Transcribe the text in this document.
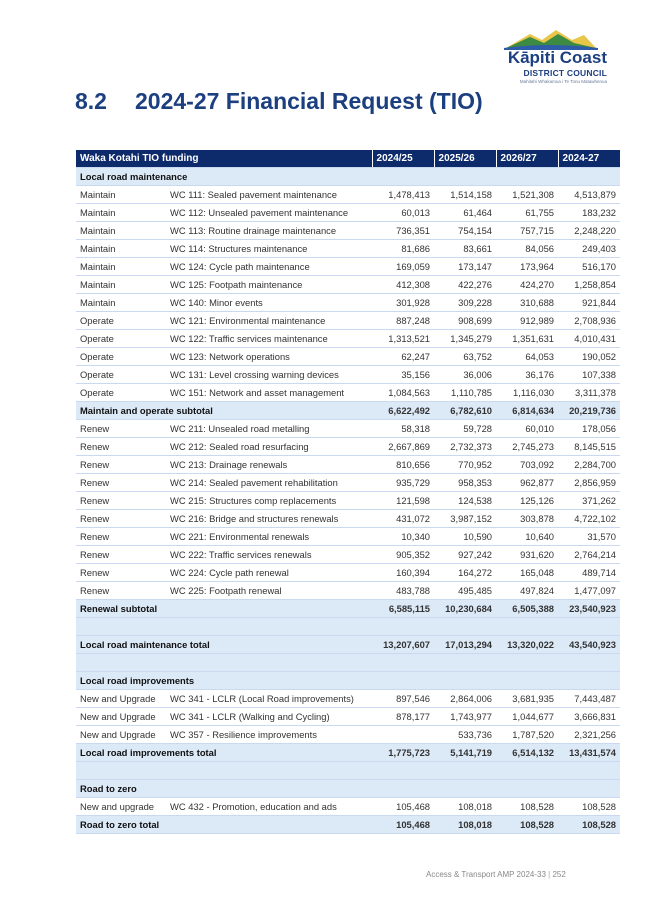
Kāpiti Coast
DISTRICT COUNCIL
Mahitahi Whakamua i Te Tonu Matawhenua
8.2 2024-27 Financial Request (TIO)
Waka Kotahi TIO funding		2024/25	2025/26	2026/27	2024-27
Local road maintenance					
Maintain	WC 111: Sealed pavement maintenance	1,478,413	1,514,158	1,521,308	4,513,879
Maintain	WC 112: Unsealed pavement maintenance	60,013	61,464	61,755	183,232
Maintain	WC 113: Routine drainage maintenance	736,351	754,154	757,715	2,248,220
Maintain	WC 114: Structures maintenance	81,686	83,661	84,056	249,403
Maintain	WC 124: Cycle path maintenance	169,059	173,147	173,964	516,170
Maintain	WC 125: Footpath maintenance	412,308	422,276	424,270	1,258,854
Maintain	WC 140: Minor events	301,928	309,228	310,688	921,844
Operate	WC 121: Environmental maintenance	887,248	908,699	912,989	2,708,936
Operate	WC 122: Traffic services maintenance	1,313,521	1,345,279	1,351,631	4,010,431
Operate	WC 123: Network operations	62,247	63,752	64,053	190,052
Operate	WC 131: Level crossing warning devices	35,156	36,006	36,176	107,338
Operate	WC 151: Network and asset management	1,084,563	1,110,785	1,116,030	3,311,378
Maintain and operate subtotal		6,622,492	6,782,610	6,814,634	20,219,736
Renew	WC 211: Unsealed road metalling	58,318	59,728	60,010	178,056
Renew	WC 212: Sealed road resurfacing	2,667,869	2,732,373	2,745,273	8,145,515
Renew	WC 213: Drainage renewals	810,656	770,952	703,092	2,284,700
Renew	WC 214: Sealed pavement rehabilitation	935,729	958,353	962,877	2,856,959
Renew	WC 215: Structures comp replacements	121,598	124,538	125,126	371,262
Renew	WC 216: Bridge and structures renewals	431,072	3,987,152	303,878	4,722,102
Renew	WC 221: Environmental renewals	10,340	10,590	10,640	31,570
Renew	WC 222: Traffic services renewals	905,352	927,242	931,620	2,764,214
Renew	WC 224: Cycle path renewal	160,394	164,272	165,048	489,714
Renew	WC 225: Footpath renewal	483,788	495,485	497,824	1,477,097
Renewal subtotal		6,585,115	10,230,684	6,505,388	23,540,923

Local road maintenance total		13,207,607	17,013,294	13,320,022	43,540,923

Local road improvements					
New and Upgrade	WC 341 - LCLR (Local Road improvements)	897,546	2,864,006	3,681,935	7,443,487
New and Upgrade	WC 341 - LCLR (Walking and Cycling)	878,177	1,743,977	1,044,677	3,666,831
New and Upgrade	WC 357 - Resilience improvements		533,736	1,787,520	2,321,256
Local road improvements total		1,775,723	5,141,719	6,514,132	13,431,574

Road to zero					
New and upgrade	WC 432 - Promotion, education and ads	105,468	108,018	108,528	108,528
Road to zero total		105,468	108,018	108,528	108,528
Access & Transport AMP 2024-33 | 252
